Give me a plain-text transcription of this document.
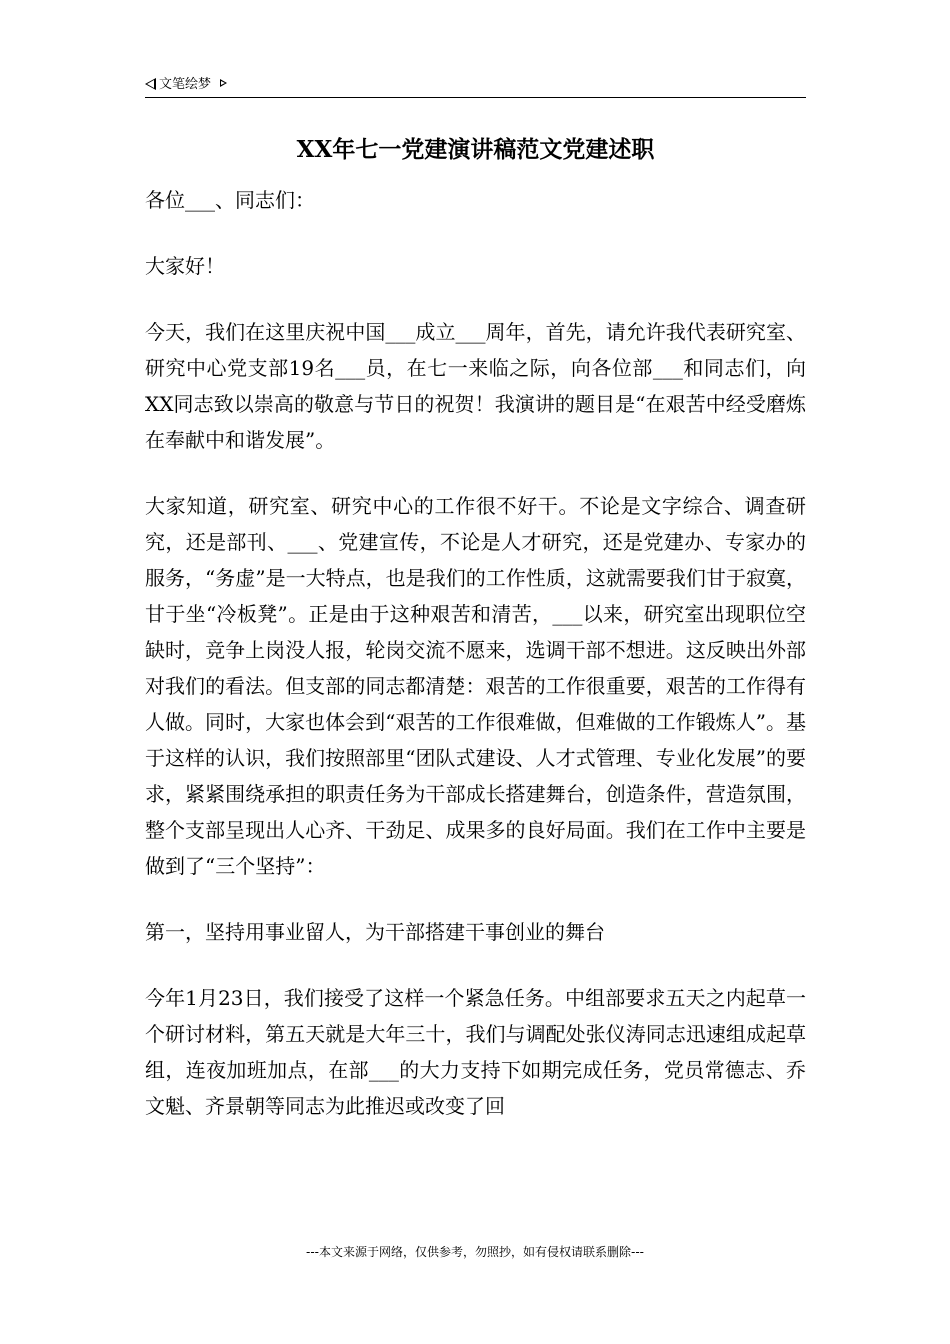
文笔绘梦
XX年七一党建演讲稿范文党建述职

各位___、同志们：

大家好！

今天，我们在这里庆祝中国___成立___周年，首先，请允许我代表研究室、研究中心党支部19名___员，在七一来临之际，向各位部___和同志们，向XX同志致以崇高的敬意与节日的祝贺！我演讲的题目是“在艰苦中经受磨炼在奉献中和谐发展”。

大家知道，研究室、研究中心的工作很不好干。不论是文字综合、调查研究，还是部刊、___、党建宣传，不论是人才研究，还是党建办、专家办的服务，“务虚”是一大特点，也是我们的工作性质，这就需要我们甘于寂寞，甘于坐“冷板凳”。正是由于这种艰苦和清苦，___以来，研究室出现职位空缺时，竞争上岗没人报，轮岗交流不愿来，选调干部不想进。这反映出外部对我们的看法。但支部的同志都清楚：艰苦的工作很重要，艰苦的工作得有人做。同时，大家也体会到“艰苦的工作很难做，但难做的工作锻炼人”。基于这样的认识，我们按照部里“团队式建设、人才式管理、专业化发展”的要求，紧紧围绕承担的职责任务为干部成长搭建舞台，创造条件，营造氛围，整个支部呈现出人心齐、干劲足、成果多的良好局面。我们在工作中主要是做到了“三个坚持”：

第一，坚持用事业留人，为干部搭建干事创业的舞台

今年1月23日，我们接受了这样一个紧急任务。中组部要求五天之内起草一个研讨材料，第五天就是大年三十，我们与调配处张仪涛同志迅速组成起草组，连夜加班加点，在部___的大力支持下如期完成任务，党员常德志、乔文魁、齐景朝等同志为此推迟或改变了回

---本文来源于网络，仅供参考，勿照抄，如有侵权请联系删除---
